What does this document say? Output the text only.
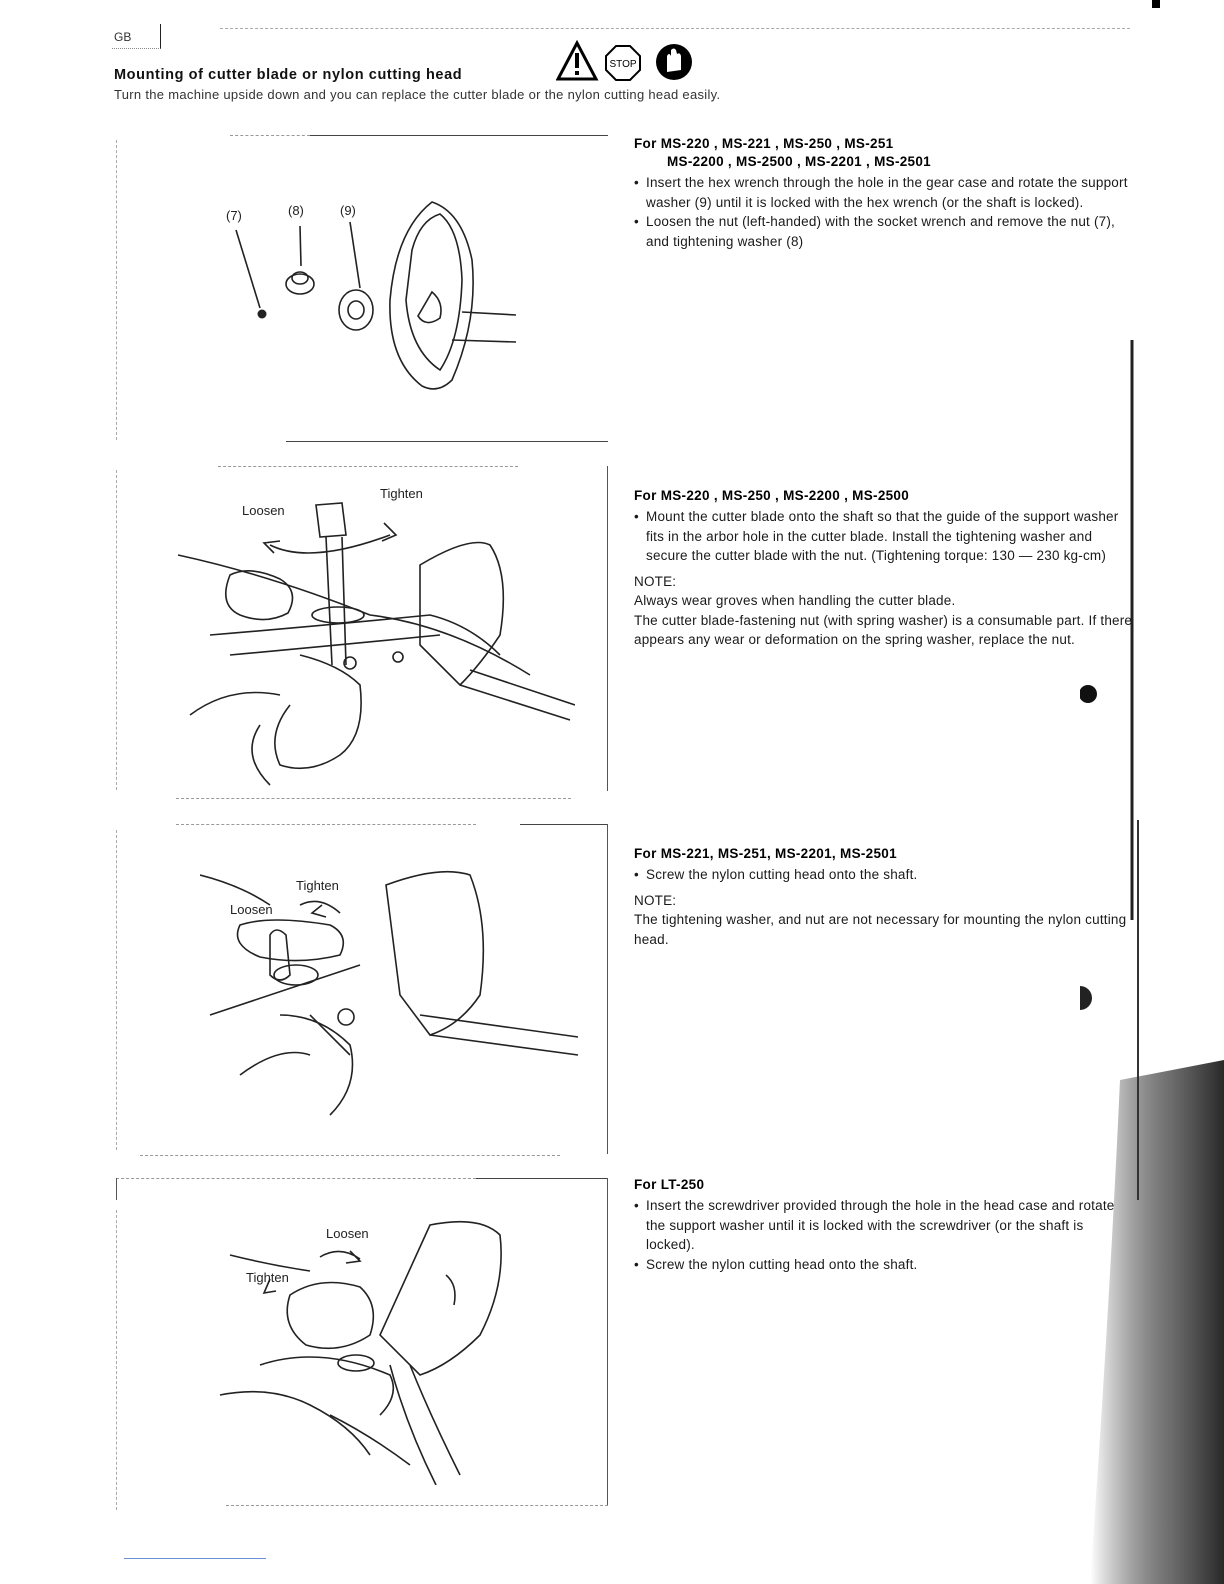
GB
Mounting of cutter blade or nylon cutting head
Turn the machine upside down and you can replace the cutter blade or the nylon cutting head easily.
STOP
(7)	(8)	(9)
For MS-220 , MS-221 , MS-250 , MS-251
MS-2200 , MS-2500 , MS-2201 , MS-2501
• Insert the hex wrench through the hole in the gear case and rotate the support washer (9) until it is locked with the hex wrench (or the shaft is locked).
• Loosen the nut (left-handed) with the socket wrench and remove the nut (7), and tightening washer (8)
Loosen
Tighten	For MS-220 , MS-250 , MS-2200 , MS-2500
• Mount the cutter blade onto the shaft so that the guide of the support washer fits in the arbor hole in the cutter blade. Install the tightening washer and secure the cutter blade with the nut. (Tightening torque: 130 — 230 kg-cm)
NOTE:

Always wear groves when handling the cutter blade.

The cutter blade-fastening nut (with spring washer) is a consumable part. If there appears any wear or deformation on the spring washer, replace the nut.

Loosen
Tighten
For MS-221, MS-251, MS-2201, MS-2501
• Screw the nylon cutting head onto the shaft.
NOTE:

The tightening washer, and nut are not necessary for mounting the nylon cutting head.

Loosen
Tighten
For LT-250
• Insert the screwdriver provided through the hole in the head case and rotate the support washer until it is locked with the screwdriver (or the shaft is locked).
• Screw the nylon cutting head onto the shaft.
